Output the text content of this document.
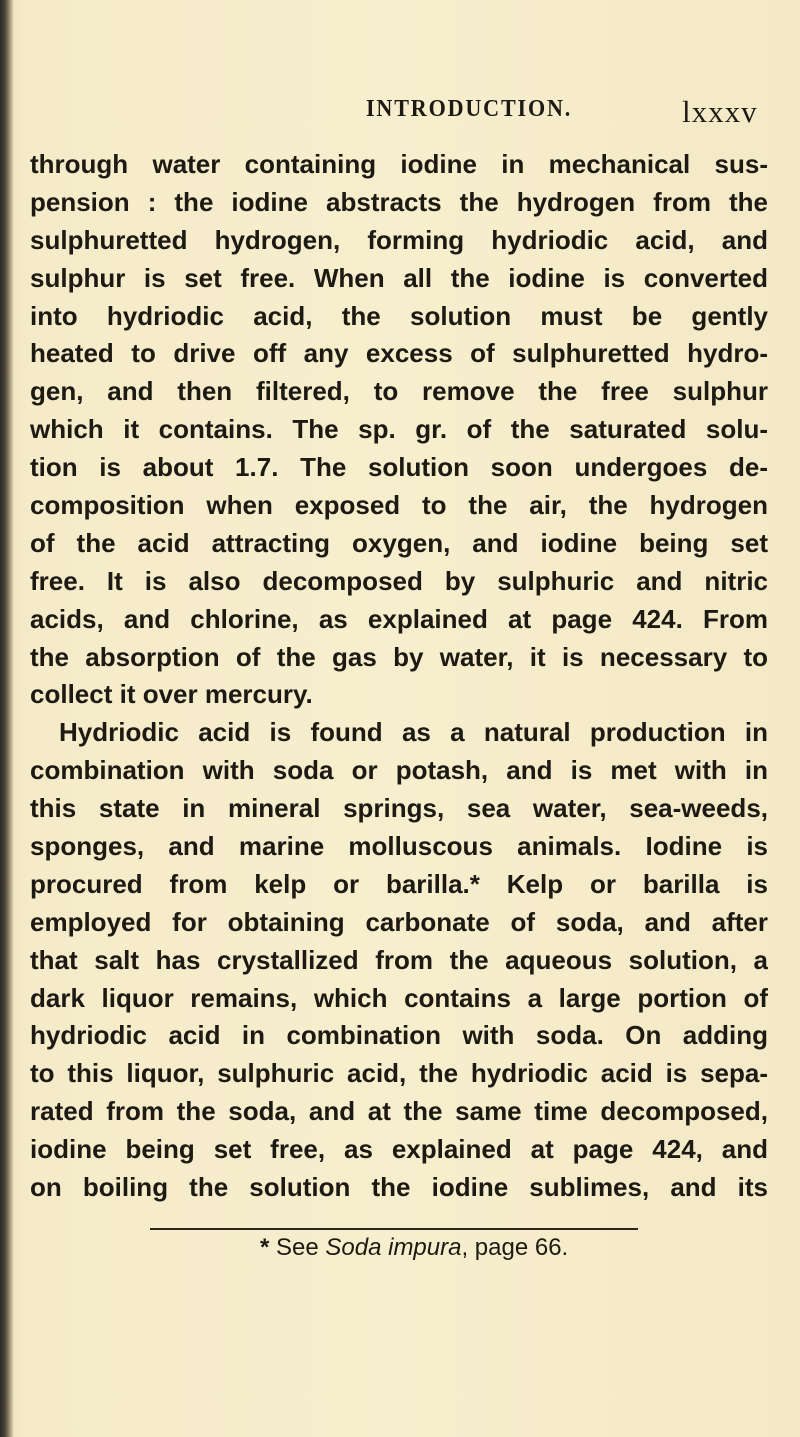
INTRODUCTION.	lxxxv
through water containing iodine in mechanical sus-
pension : the iodine abstracts the hydrogen from the
sulphuretted hydrogen, forming hydriodic acid, and
sulphur is set free. When all the iodine is converted
into hydriodic acid, the solution must be gently
heated to drive off any excess of sulphuretted hydro-
gen, and then filtered, to remove the free sulphur
which it contains. The sp. gr. of the saturated solu-
tion is about 1.7. The solution soon undergoes de-
composition when exposed to the air, the hydrogen
of the acid attracting oxygen, and iodine being set
free. It is also decomposed by sulphuric and nitric
acids, and chlorine, as explained at page 424. From
the absorption of the gas by water, it is necessary to
collect it over mercury.
Hydriodic acid is found as a natural production in
combination with soda or potash, and is met with in
this state in mineral springs, sea water, sea-weeds,
sponges, and marine molluscous animals. Iodine is
procured from kelp or barilla.* Kelp or barilla is
employed for obtaining carbonate of soda, and after
that salt has crystallized from the aqueous solution, a
dark liquor remains, which contains a large portion of
hydriodic acid in combination with soda. On adding
to this liquor, sulphuric acid, the hydriodic acid is sepa-
rated from the soda, and at the same time decomposed,
iodine being set free, as explained at page 424, and
on boiling the solution the iodine sublimes, and its
* See Soda impura, page 66.
